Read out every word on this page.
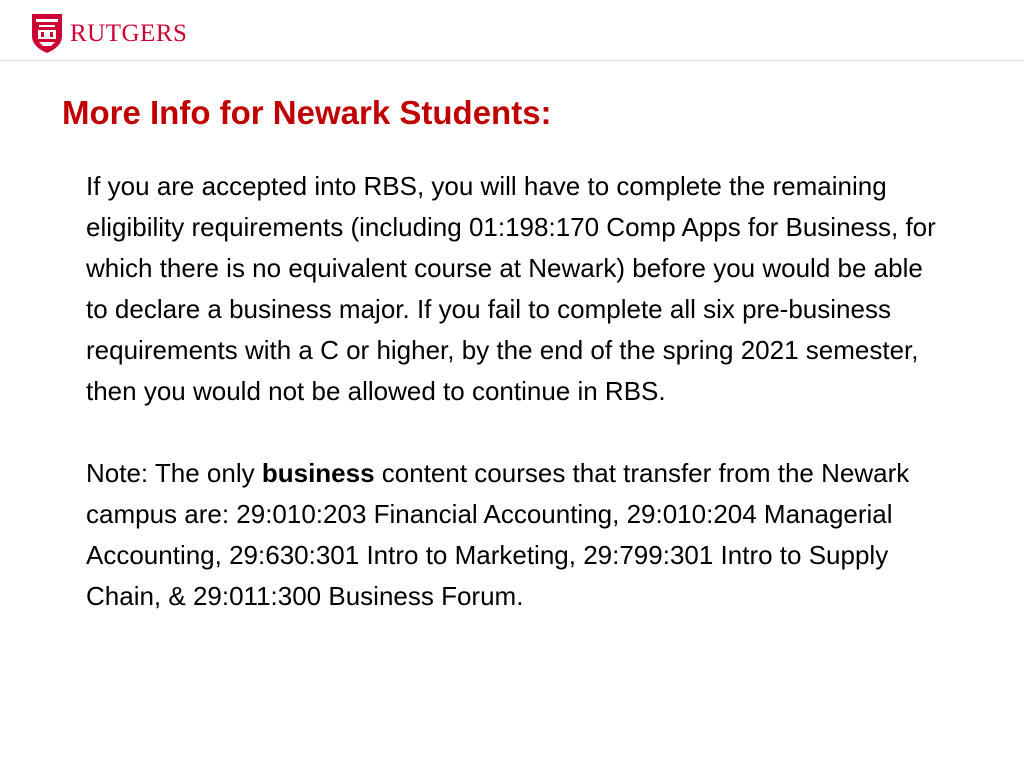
RUTGERS
More Info for Newark Students:

If you are accepted into RBS, you will have to complete the remaining eligibility requirements (including 01:198:170 Comp Apps for Business, for which there is no equivalent course at Newark) before you would be able to declare a business major. If you fail to complete all six pre-business requirements with a C or higher, by the end of the spring 2021 semester, then you would not be allowed to continue in RBS.

Note: The only business content courses that transfer from the Newark campus are: 29:010:203 Financial Accounting, 29:010:204 Managerial Accounting, 29:630:301 Intro to Marketing, 29:799:301 Intro to Supply Chain, & 29:011:300 Business Forum.
